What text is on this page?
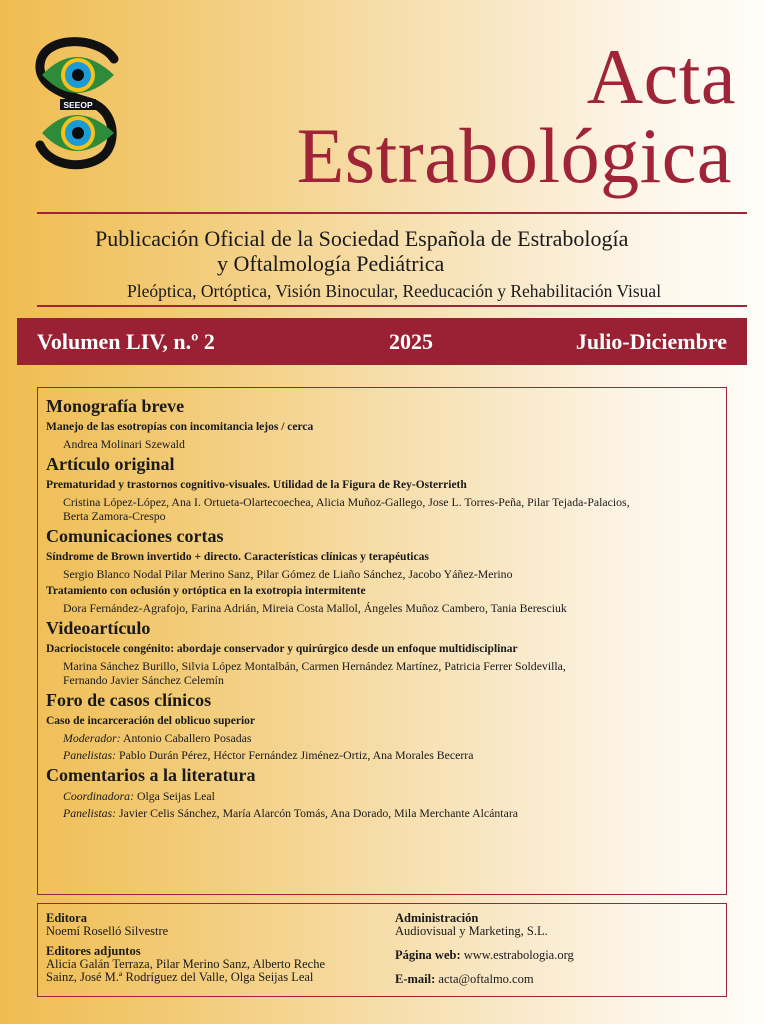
SEEOP	Acta
Estrabológica
Publicación Oficial de la Sociedad Española de Estrabología
y Oftalmología Pediátrica
Pleóptica, Ortóptica, Visión Binocular, Reeducación y Rehabilitación Visual
Volumen LIV, n.º 2	2025	Julio-Diciembre
Monografía breve
Manejo de las esotropías con incomitancia lejos / cerca
Andrea Molinari Szewald
Artículo original
Prematuridad y trastornos cognitivo-visuales. Utilidad de la Figura de Rey-Osterrieth
Cristina López-López, Ana I. Ortueta-Olartecoechea, Alicia Muñoz-Gallego, Jose L. Torres-Peña, Pilar Tejada-Palacios,
Berta Zamora-Crespo
Comunicaciones cortas
Síndrome de Brown invertido + directo. Características clínicas y terapéuticas
Sergio Blanco Nodal Pilar Merino Sanz, Pilar Gómez de Liaño Sánchez, Jacobo Yáñez-Merino
Tratamiento con oclusión y ortóptica en la exotropia intermitente
Dora Fernández-Agrafojo, Farina Adrián, Mireia Costa Mallol, Ángeles Muñoz Cambero, Tania Beresciuk
Videoartículo
Dacriocistocele congénito: abordaje conservador y quirúrgico desde un enfoque multidisciplinar
Marina Sánchez Burillo, Silvia López Montalbán, Carmen Hernández Martínez, Patricia Ferrer Soldevilla,
Fernando Javier Sánchez Celemín
Foro de casos clínicos
Caso de incarceración del oblicuo superior
Moderador: Antonio Caballero Posadas
Panelistas: Pablo Durán Pérez, Héctor Fernández Jiménez-Ortiz, Ana Morales Becerra
Comentarios a la literatura
Coordinadora: Olga Seijas Leal
Panelistas: Javier Celis Sánchez, María Alarcón Tomás, Ana Dorado, Mila Merchante Alcántara
Editora
Noemí Roselló Silvestre
Editores adjuntos
Alicia Galán Terraza, Pilar Merino Sanz, Alberto Reche
Sainz, José M.ª Rodríguez del Valle, Olga Seijas Leal
Administración
Audiovisual y Marketing, S.L.
Página web: www.estrabologia.org
E-mail: acta@oftalmo.com
